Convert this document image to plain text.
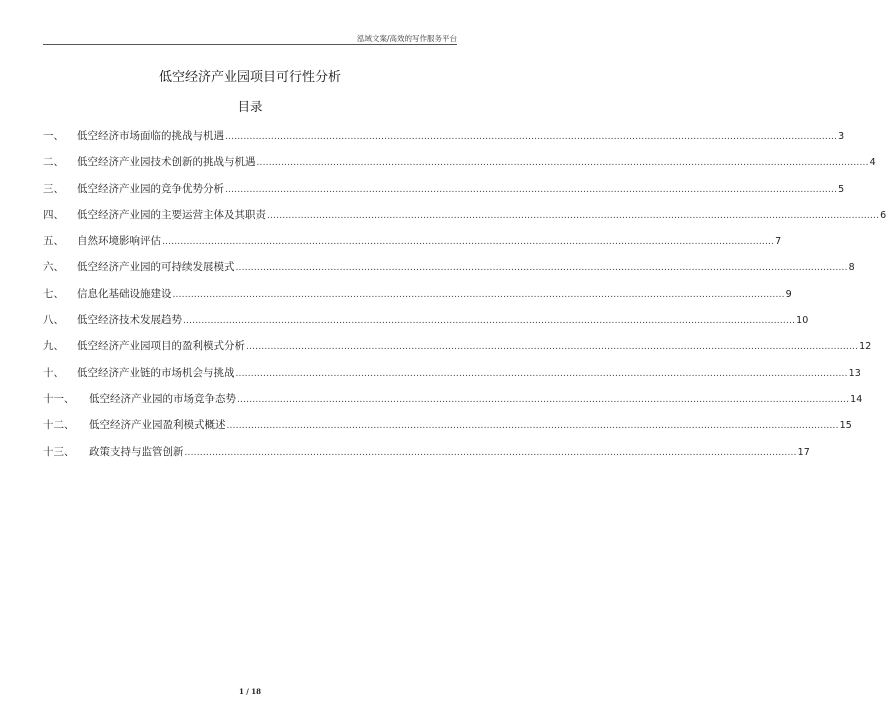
泓域文案/高效的写作服务平台
低空经济产业园项目可行性分析
目录
一、	低空经济市场面临的挑战与机遇 ........................................................................................................................................................................................................ 3
二、	低空经济产业园技术创新的挑战与机遇 ........................................................................................................................................................................................................ 4
三、	低空经济产业园的竞争优势分析 ........................................................................................................................................................................................................ 5
四、	低空经济产业园的主要运营主体及其职责 ........................................................................................................................................................................................................ 6
五、	自然环境影响评估 ........................................................................................................................................................................................................ 7
六、	低空经济产业园的可持续发展模式 ........................................................................................................................................................................................................ 8
七、	信息化基础设施建设 ........................................................................................................................................................................................................ 9
八、	低空经济技术发展趋势 ........................................................................................................................................................................................................ 10
九、	低空经济产业园项目的盈利模式分析 ........................................................................................................................................................................................................ 12
十、	低空经济产业链的市场机会与挑战 ........................................................................................................................................................................................................ 13
十一、	低空经济产业园的市场竞争态势 ........................................................................................................................................................................................................ 14
十二、	低空经济产业园盈利模式概述 ........................................................................................................................................................................................................ 15
十三、	政策支持与监管创新 ........................................................................................................................................................................................................ 17
1 / 18
